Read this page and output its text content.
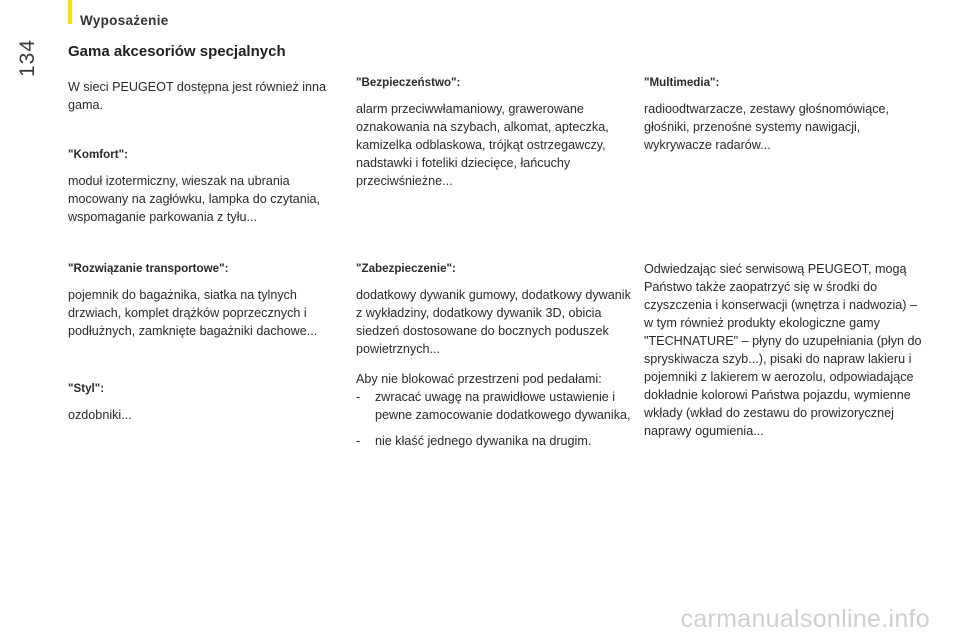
Wyposażenie
134 Gama akcesoriów specjalnych

W sieci PEUGEOT dostępna jest również inna gama.

"Komfort":

moduł izotermiczny, wieszak na ubrania mocowany na zagłówku, lampka do czytania, wspomaganie parkowania z tyłu...

"Rozwiązanie transportowe":

pojemnik do bagażnika, siatka na tylnych drzwiach, komplet drążków poprzecznych i podłużnych, zamknięte bagażniki dachowe...

"Styl":

ozdobniki...

"Bezpieczeństwo":

alarm przeciwwłamaniowy, grawerowane oznakowania na szybach, alkomat, apteczka, kamizelka odblaskowa, trójkąt ostrzegawczy, nadstawki i foteliki dziecięce, łańcuchy przeciwśnieżne...

"Zabezpieczenie":

dodatkowy dywanik gumowy, dodatkowy dywanik z wykładziny, dodatkowy dywanik 3D, obicia siedzeń dostosowane do bocznych poduszek powietrznych...

Aby nie blokować przestrzeni pod pedałami:

- zwracać uwagę na prawidłowe ustawienie i pewne zamocowanie dodatkowego dywanika,
- nie kłaść jednego dywanika na drugim.
"Multimedia":

radioodtwarzacze, zestawy głośnomówiące, głośniki, przenośne systemy nawigacji, wykrywacze radarów...

Odwiedzając sieć serwisową PEUGEOT, mogą Państwo także zaopatrzyć się w środki do czyszczenia i konserwacji (wnętrza i nadwozia) – w tym również produkty ekologiczne gamy "TECHNATURE" – płyny do uzupełniania (płyn do spryskiwacza szyb...), pisaki do napraw lakieru i pojemniki z lakierem w aerozolu, odpowiadające dokładnie kolorowi Państwa pojazdu, wymienne wkłady (wkład do zestawu do prowizorycznej naprawy ogumienia...

carmanualsonline.info
